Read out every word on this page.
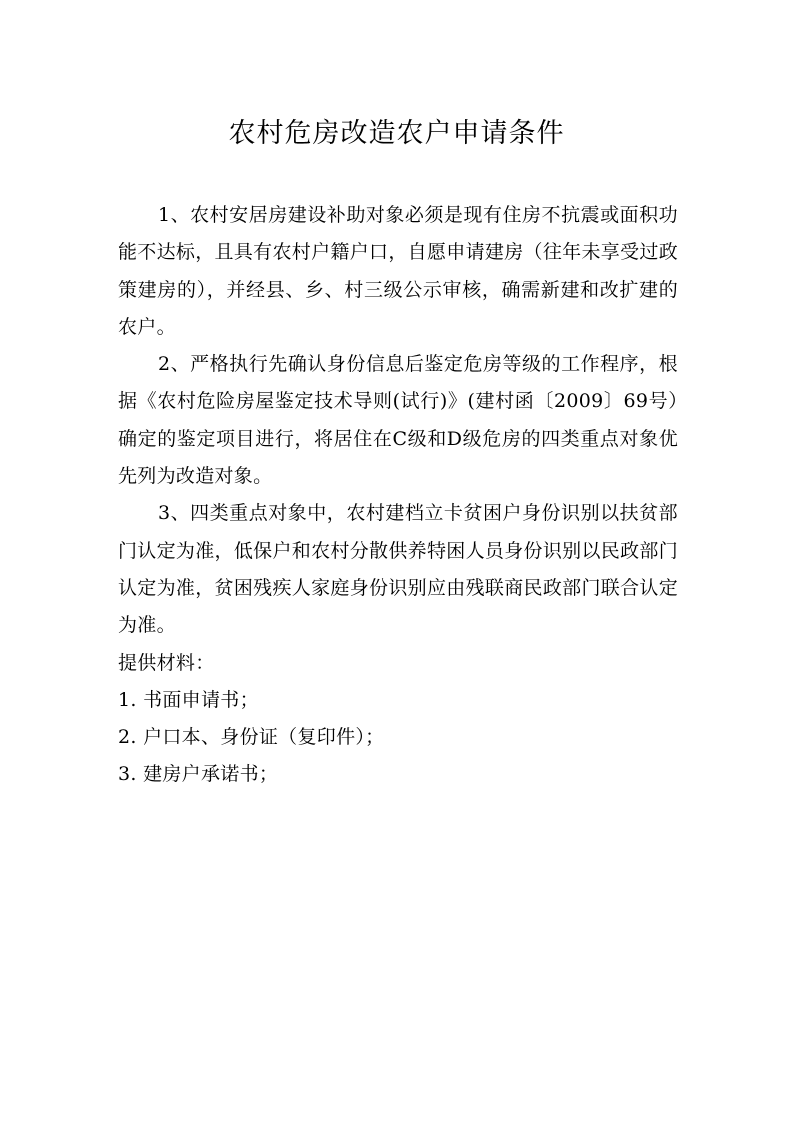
农村危房改造农户申请条件

1、农村安居房建设补助对象必须是现有住房不抗震或面积功能不达标，且具有农村户籍户口，自愿申请建房（往年未享受过政策建房的），并经县、乡、村三级公示审核，确需新建和改扩建的农户。

2、严格执行先确认身份信息后鉴定危房等级的工作程序，根据《农村危险房屋鉴定技术导则(试行)》(建村函〔2009〕69号）确定的鉴定项目进行，将居住在C级和D级危房的四类重点对象优先列为改造对象。

3、四类重点对象中，农村建档立卡贫困户身份识别以扶贫部门认定为准，低保户和农村分散供养特困人员身份识别以民政部门认定为准，贫困残疾人家庭身份识别应由残联商民政部门联合认定为准。

提供材料：

1. 书面申请书；

2. 户口本、身份证（复印件）；

3. 建房户承诺书；
